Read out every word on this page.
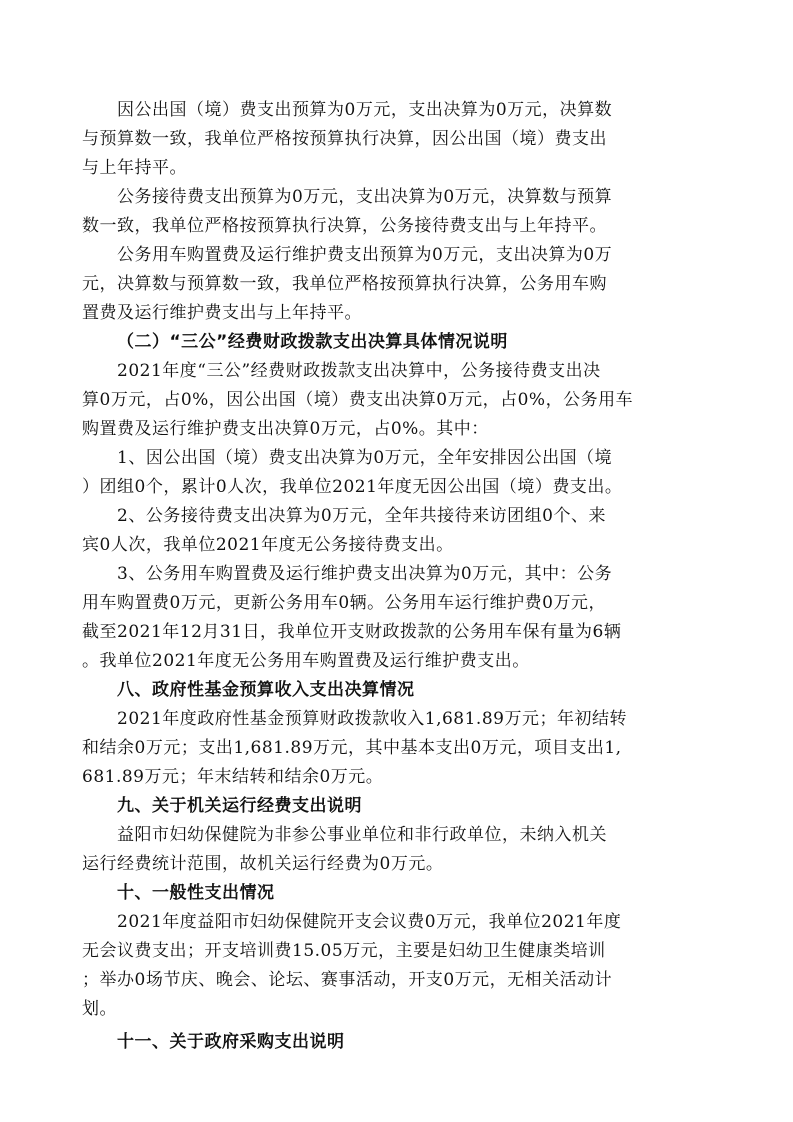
因公出国（境）费支出预算为0万元，支出决算为0万元，决算数
与预算数一致，我单位严格按预算执行决算，因公出国（境）费支出
与上年持平。
公务接待费支出预算为0万元，支出决算为0万元，决算数与预算
数一致，我单位严格按预算执行决算，公务接待费支出与上年持平。
公务用车购置费及运行维护费支出预算为0万元，支出决算为0万
元，决算数与预算数一致，我单位严格按预算执行决算，公务用车购
置费及运行维护费支出与上年持平。
（二）“三公”经费财政拨款支出决算具体情况说明
2021年度“三公”经费财政拨款支出决算中，公务接待费支出决
算0万元，占0%，因公出国（境）费支出决算0万元，占0%，公务用车
购置费及运行维护费支出决算0万元，占0%。其中：
1、因公出国（境）费支出决算为0万元，全年安排因公出国（境
）团组0个，累计0人次，我单位2021年度无因公出国（境）费支出。
2、公务接待费支出决算为0万元，全年共接待来访团组0个、来
宾0人次，我单位2021年度无公务接待费支出。
3、公务用车购置费及运行维护费支出决算为0万元，其中：公务
用车购置费0万元，更新公务用车0辆。公务用车运行维护费0万元，
截至2021年12月31日，我单位开支财政拨款的公务用车保有量为6辆
。我单位2021年度无公务用车购置费及运行维护费支出。
八、政府性基金预算收入支出决算情况
2021年度政府性基金预算财政拨款收入1,681.89万元；年初结转
和结余0万元；支出1,681.89万元，其中基本支出0万元，项目支出1,
681.89万元；年末结转和结余0万元。
九、关于机关运行经费支出说明
益阳市妇幼保健院为非参公事业单位和非行政单位，未纳入机关
运行经费统计范围，故机关运行经费为0万元。
十、一般性支出情况
2021年度益阳市妇幼保健院开支会议费0万元，我单位2021年度
无会议费支出；开支培训费15.05万元，主要是妇幼卫生健康类培训
；举办0场节庆、晚会、论坛、赛事活动，开支0万元，无相关活动计
划。
十一、关于政府采购支出说明
